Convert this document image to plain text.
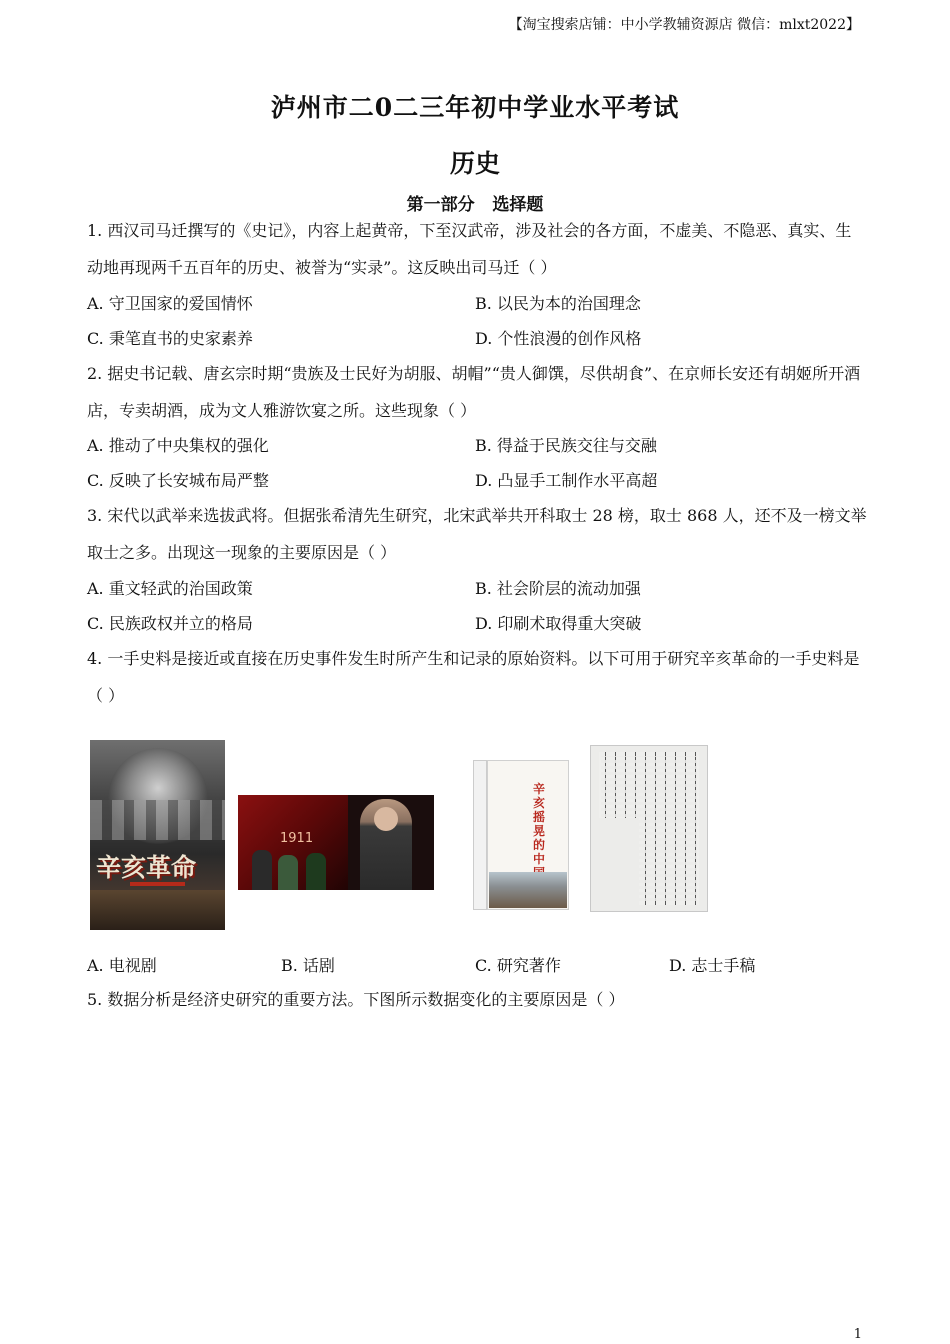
【淘宝搜索店铺：中小学教辅资源店 微信：mlxt2022】
泸州市二0二三年初中学业水平考试
历史
第一部分   选择题
1. 西汉司马迁撰写的《史记》，内容上起黄帝，下至汉武帝，涉及社会的各方面，不虚美、不隐恶、真实、生动地再现两千五百年的历史、被誉为“实录”。这反映出司马迁（ ）
A. 守卫国家的爱国情怀	B. 以民为本的治国理念
C. 秉笔直书的史家素养	D. 个性浪漫的创作风格
2. 据史书记载、唐玄宗时期“贵族及士民好为胡服、胡帽”“贵人御馔，尽供胡食”、在京师长安还有胡姬所开酒店，专卖胡酒，成为文人雅游饮宴之所。这些现象（ ）
A. 推动了中央集权的强化	B. 得益于民族交往与交融
C. 反映了长安城布局严整	D. 凸显手工制作水平高超
3. 宋代以武举来选拔武将。但据张希清先生研究，北宋武举共开科取士 28 榜，取士 868 人，还不及一榜文举取士之多。出现这一现象的主要原因是（ ）
A. 重文轻武的治国政策	B. 社会阶层的流动加强
C. 民族政权并立的格局	D. 印刷术取得重大突破
4. 一手史料是接近或直接在历史事件发生时所产生和记录的原始资料。以下可用于研究辛亥革命的一手史料是（ ）
辛亥革命
1911
辛亥 摇晃的中
A. 电视剧	B. 话剧	C. 研究著作	D. 志士手稿
5. 数据分析是经济史研究的重要方法。下图所示数据变化的主要原因是（ ）
1
